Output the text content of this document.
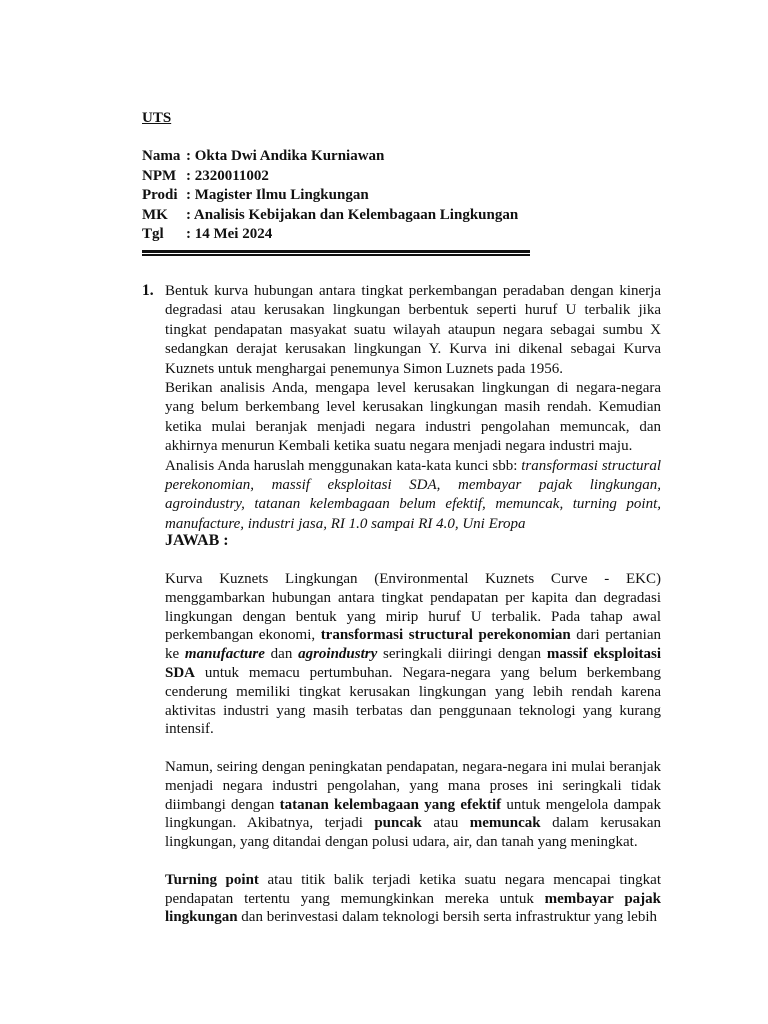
UTS
Nama : Okta Dwi Andika Kurniawan
NPM : 2320011002
Prodi : Magister Ilmu Lingkungan
MK	: Analisis Kebijakan dan Kelembagaan Lingkungan
Tgl	: 14 Mei 2024
1. Bentuk kurva hubungan antara tingkat perkembangan peradaban dengan kinerja degradasi atau kerusakan lingkungan berbentuk seperti huruf U terbalik jika tingkat pendapatan masyakat suatu wilayah ataupun negara sebagai sumbu X sedangkan derajat kerusakan lingkungan Y. Kurva ini dikenal sebagai Kurva Kuznets untuk menghargai penemunya Simon Luznets pada 1956.

Berikan analisis Anda, mengapa level kerusakan lingkungan di negara-negara yang belum berkembang level kerusakan lingkungan masih rendah. Kemudian ketika mulai beranjak menjadi negara industri pengolahan memuncak, dan akhirnya menurun Kembali ketika suatu negara menjadi negara industri maju.

Analisis Anda haruslah menggunakan kata-kata kunci sbb: transformasi structural perekonomian, massif eksploitasi SDA, membayar pajak lingkungan, agroindustry, tatanan kelembagaan belum efektif, memuncak, turning point, manufacture, industri jasa, RI 1.0 sampai RI 4.0, Uni Eropa

JAWAB :

Kurva Kuznets Lingkungan (Environmental Kuznets Curve - EKC) menggambarkan hubungan antara tingkat pendapatan per kapita dan degradasi lingkungan dengan bentuk yang mirip huruf U terbalik. Pada tahap awal perkembangan ekonomi, transformasi structural perekonomian dari pertanian ke manufacture dan agroindustry seringkali diiringi dengan massif eksploitasi SDA untuk memacu pertumbuhan. Negara-negara yang belum berkembang cenderung memiliki tingkat kerusakan lingkungan yang lebih rendah karena aktivitas industri yang masih terbatas dan penggunaan teknologi yang kurang intensif.

Namun, seiring dengan peningkatan pendapatan, negara-negara ini mulai beranjak menjadi negara industri pengolahan, yang mana proses ini seringkali tidak diimbangi dengan tatanan kelembagaan yang efektif untuk mengelola dampak lingkungan. Akibatnya, terjadi puncak atau memuncak dalam kerusakan lingkungan, yang ditandai dengan polusi udara, air, dan tanah yang meningkat.

Turning point atau titik balik terjadi ketika suatu negara mencapai tingkat pendapatan tertentu yang memungkinkan mereka untuk membayar pajak lingkungan dan berinvestasi dalam teknologi bersih serta infrastruktur yang lebih
